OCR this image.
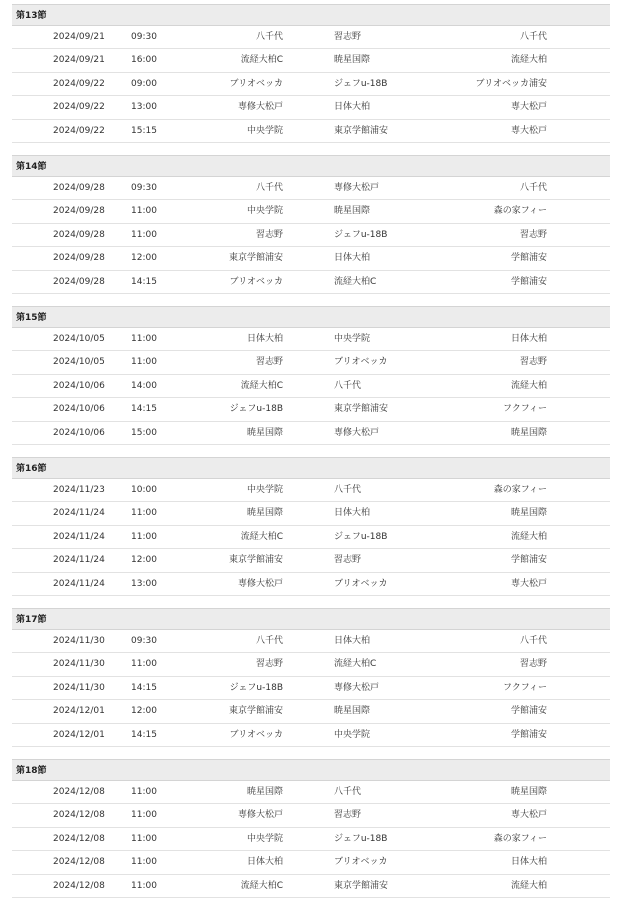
第13節
2024/09/21	09:30	八千代	習志野	八千代
2024/09/21	16:00	流経大柏C	暁星国際	流経大柏
2024/09/22	09:00	ブリオベッカ	ジェフu-18B	ブリオベッカ浦安
2024/09/22	13:00	専修大松戸	日体大柏	専大松戸
2024/09/22	15:15	中央学院	東京学館浦安	専大松戸
第14節
2024/09/28	09:30	八千代	専修大松戸	八千代
2024/09/28	11:00	中央学院	暁星国際	森の家フィー
2024/09/28	11:00	習志野	ジェフu-18B	習志野
2024/09/28	12:00	東京学館浦安	日体大柏	学館浦安
2024/09/28	14:15	ブリオベッカ	流経大柏C	学館浦安
第15節
2024/10/05	11:00	日体大柏	中央学院	日体大柏
2024/10/05	11:00	習志野	ブリオベッカ	習志野
2024/10/06	14:00	流経大柏C	八千代	流経大柏
2024/10/06	14:15	ジェフu-18B	東京学館浦安	フクフィー
2024/10/06	15:00	暁星国際	専修大松戸	暁星国際
第16節
2024/11/23	10:00	中央学院	八千代	森の家フィー
2024/11/24	11:00	暁星国際	日体大柏	暁星国際
2024/11/24	11:00	流経大柏C	ジェフu-18B	流経大柏
2024/11/24	12:00	東京学館浦安	習志野	学館浦安
2024/11/24	13:00	専修大松戸	ブリオベッカ	専大松戸
第17節
2024/11/30	09:30	八千代	日体大柏	八千代
2024/11/30	11:00	習志野	流経大柏C	習志野
2024/11/30	14:15	ジェフu-18B	専修大松戸	フクフィー
2024/12/01	12:00	東京学館浦安	暁星国際	学館浦安
2024/12/01	14:15	ブリオベッカ	中央学院	学館浦安
第18節
2024/12/08	11:00	暁星国際	八千代	暁星国際
2024/12/08	11:00	専修大松戸	習志野	専大松戸
2024/12/08	11:00	中央学院	ジェフu-18B	森の家フィー
2024/12/08	11:00	日体大柏	ブリオベッカ	日体大柏
2024/12/08	11:00	流経大柏C	東京学館浦安	流経大柏
